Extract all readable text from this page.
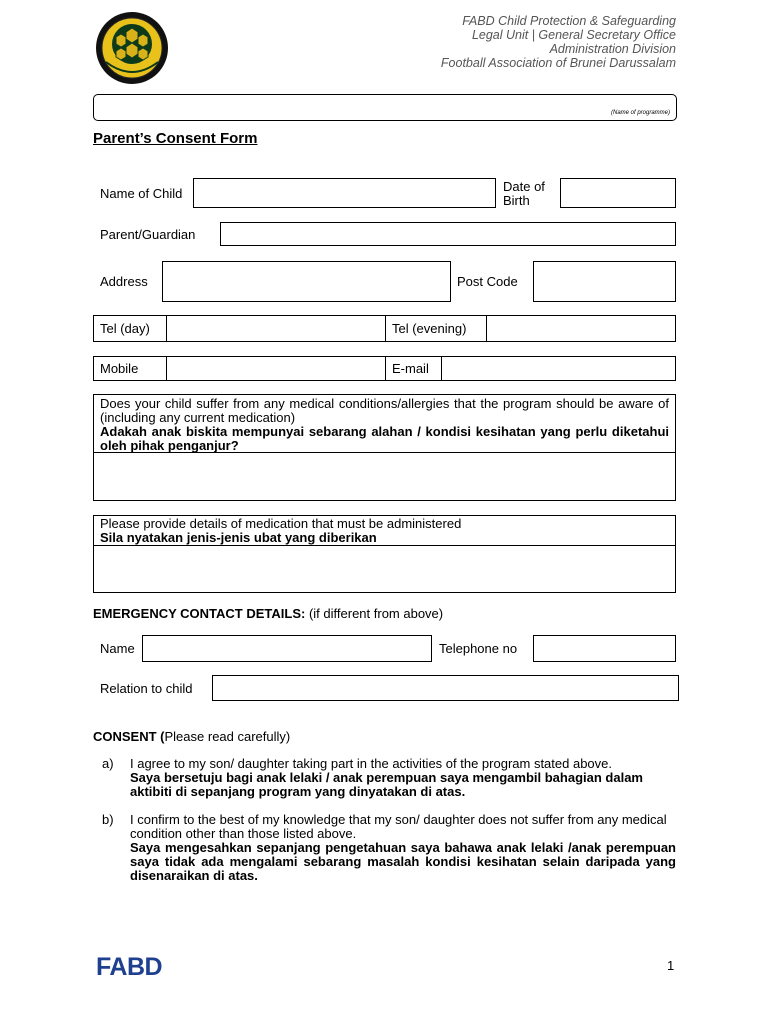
FABD Child Protection & Safeguarding
Legal Unit | General Secretary Office
Administration Division
Football Association of Brunei Darussalam
(Name of programme)
Parent’s Consent Form
Name of Child	Date of
Birth
Parent/Guardian
Address	Post Code
Tel (day)	Tel (evening)
Mobile	E-mail
Does your child suffer from any medical conditions/allergies that the program should be aware of (including any current medication)
Adakah anak biskita mempunyai sebarang alahan / kondisi kesihatan yang perlu diketahui oleh pihak penganjur?
Please provide details of medication that must be administered
Sila nyatakan jenis-jenis ubat yang diberikan
EMERGENCY CONTACT DETAILS: (if different from above)
Name	Telephone no
Relation to child
CONSENT (Please read carefully)
a) I agree to my son/ daughter taking part in the activities of the program stated above.
Saya bersetuju bagi anak lelaki / anak perempuan saya mengambil bahagian dalam aktibiti di sepanjang program yang dinyatakan di atas.
b) I confirm to the best of my knowledge that my son/ daughter does not suffer from any medical condition other than those listed above.
Saya mengesahkan sepanjang pengetahuan saya bahawa anak lelaki /anak perempuan saya tidak ada mengalami sebarang masalah kondisi kesihatan selain daripada yang disenaraikan di atas.
FABD	1
